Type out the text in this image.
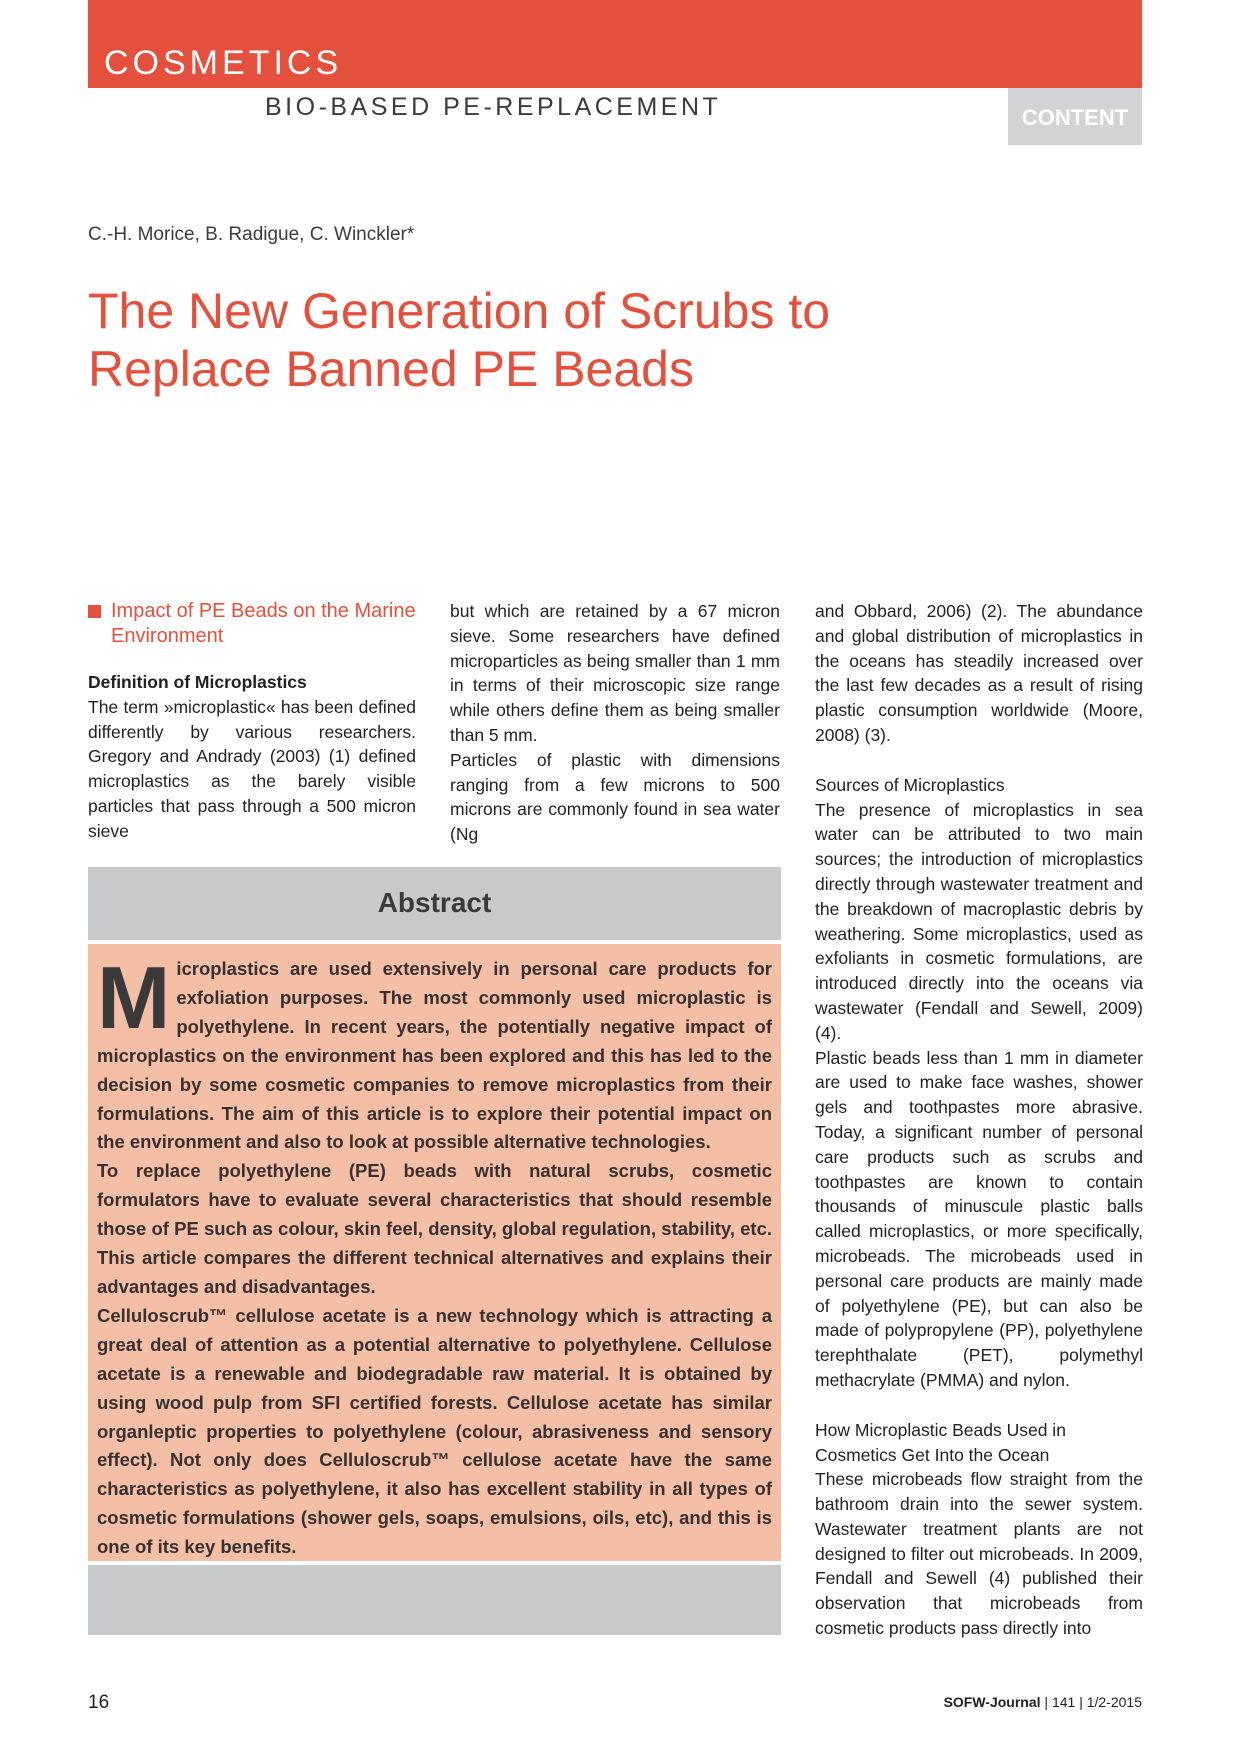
COSMETICS
BIO-BASED PE-REPLACEMENT	CONTENT
C.-H. Morice, B. Radigue, C. Winckler*
The New Generation of Scrubs to
Replace Banned PE Beads
Impact of PE Beads on the Marine Environment
Definition of Microplastics

The term »microplastic« has been defined differently by various researchers. Gregory and Andrady (2003) (1) defined microplastics as the barely visible particles that pass through a 500 micron sieve

but which are retained by a 67 micron sieve. Some researchers have defined microparticles as being smaller than 1 mm in terms of their microscopic size range while others define them as being smaller than 5 mm.

Particles of plastic with dimensions ranging from a few microns to 500 microns are commonly found in sea water (Ng

and Obbard, 2006) (2). The abundance and global distribution of microplastics in the oceans has steadily increased over the last few decades as a result of rising plastic consumption worldwide (Moore, 2008) (3).

Sources of Microplastics

The presence of microplastics in sea water can be attributed to two main sources; the introduction of microplastics directly through wastewater treatment and the breakdown of macroplastic debris by weathering. Some microplastics, used as exfoliants in cosmetic formulations, are introduced directly into the oceans via wastewater (Fendall and Sewell, 2009) (4).

Plastic beads less than 1 mm in diameter are used to make face washes, shower gels and toothpastes more abrasive. Today, a significant number of personal care products such as scrubs and toothpastes are known to contain thousands of minuscule plastic balls called microplastics, or more specifically, microbeads. The microbeads used in personal care products are mainly made of polyethylene (PE), but can also be made of polypropylene (PP), polyethylene terephthalate (PET), polymethyl methacrylate (PMMA) and nylon.

How Microplastic Beads Used in Cosmetics Get Into the Ocean

These microbeads flow straight from the bathroom drain into the sewer system. Wastewater treatment plants are not designed to filter out microbeads. In 2009, Fendall and Sewell (4) published their observation that microbeads from cosmetic products pass directly into

Abstract

Microplastics are used extensively in personal care products for exfoliation purposes. The most commonly used microplastic is polyethylene. In recent years, the potentially negative impact of microplastics on the environment has been explored and this has led to the decision by some cosmetic companies to remove microplastics from their formulations. The aim of this article is to explore their potential impact on the environment and also to look at possible alternative technologies.

To replace polyethylene (PE) beads with natural scrubs, cosmetic formulators have to evaluate several characteristics that should resemble those of PE such as colour, skin feel, density, global regulation, stability, etc. This article compares the different technical alternatives and explains their advantages and disadvantages.

Celluloscrub™ cellulose acetate is a new technology which is attracting a great deal of attention as a potential alternative to polyethylene. Cellulose acetate is a renewable and biodegradable raw material. It is obtained by using wood pulp from SFI certified forests. Cellulose acetate has similar organleptic properties to polyethylene (colour, abrasiveness and sensory effect). Not only does Celluloscrub™ cellulose acetate have the same characteristics as polyethylene, it also has excellent stability in all types of cosmetic formulations (shower gels, soaps, emulsions, oils, etc), and this is one of its key benefits.

16	SOFW-Journal | 141 | 1/2-2015
